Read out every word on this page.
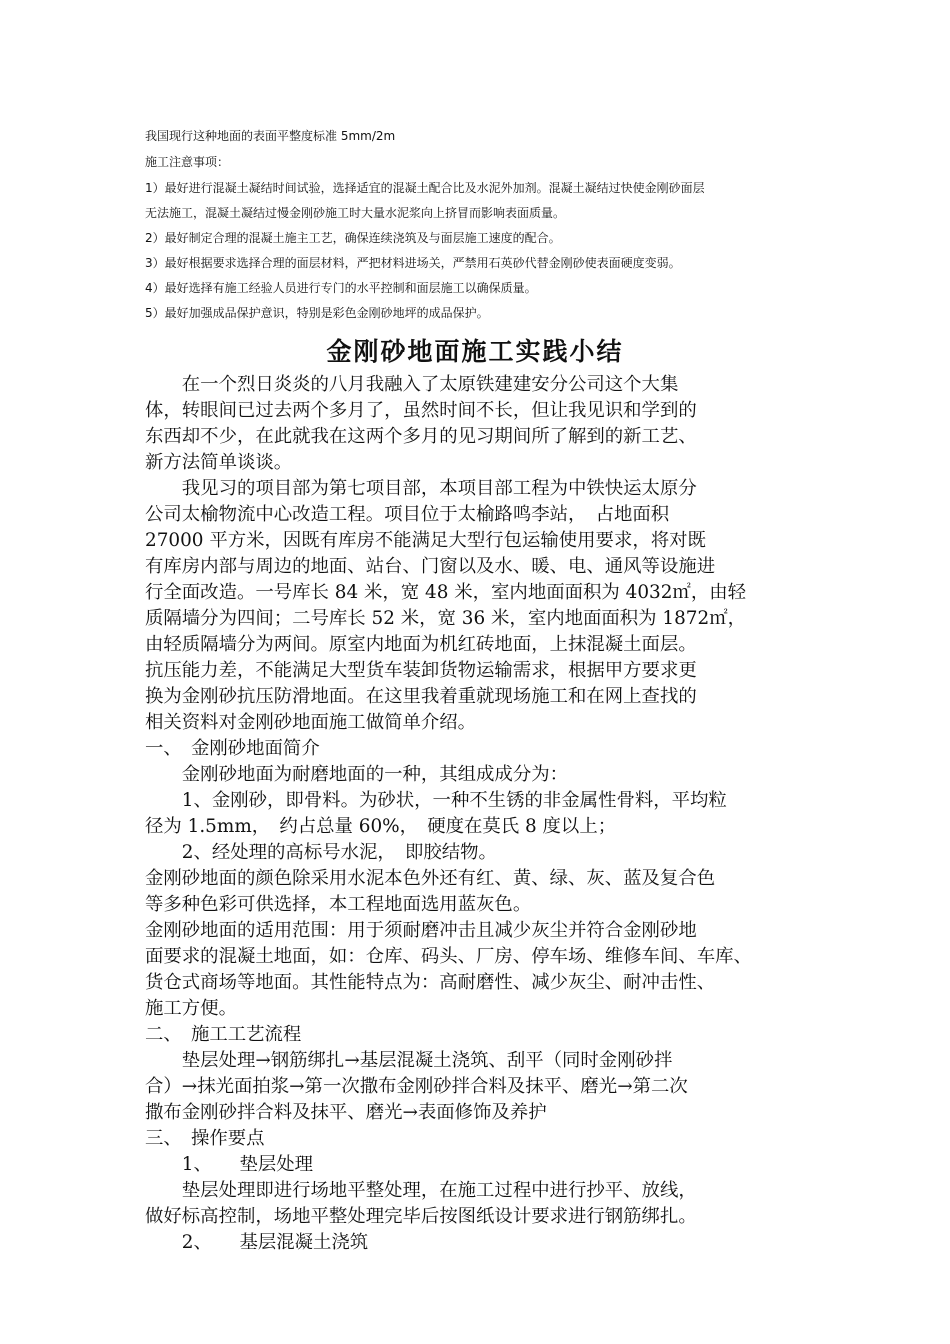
我国现行这种地面的表面平整度标准 5mm/2m
施工注意事项：
1）最好进行混凝土凝结时间试验，选择适宜的混凝土配合比及水泥外加剂。混凝土凝结过快使金刚砂面层
无法施工，混凝土凝结过慢金刚砂施工时大量水泥浆向上挤冒而影响表面质量。
2）最好制定合理的混凝土施主工艺，确保连续浇筑及与面层施工速度的配合。
3）最好根据要求选择合理的面层材料，严把材料进场关，严禁用石英砂代替金刚砂使表面硬度变弱。
4）最好选择有施工经验人员进行专门的水平控制和面层施工以确保质量。
5）最好加强成品保护意识，特别是彩色金刚砂地坪的成品保护。
金刚砂地面施工实践小结
　　在一个烈日炎炎的八月我融入了太原铁建建安分公司这个大集
体，转眼间已过去两个多月了，虽然时间不长，但让我见识和学到的
东西却不少，在此就我在这两个多月的见习期间所了解到的新工艺、
新方法简单谈谈。
　　我见习的项目部为第七项目部，本项目部工程为中铁快运太原分
公司太榆物流中心改造工程。项目位于太榆路鸣李站，　占地面积
27000 平方米，因既有库房不能满足大型行包运输使用要求，将对既
有库房内部与周边的地面、站台、门窗以及水、暖、电、通风等设施进
行全面改造。一号库长 84 米，宽 48 米，室内地面面积为 4032㎡，由轻
质隔墙分为四间；二号库长 52 米，宽 36 米，室内地面面积为 1872㎡，
由轻质隔墙分为两间。原室内地面为机红砖地面，上抹混凝土面层。
抗压能力差，不能满足大型货车装卸货物运输需求，根据甲方要求更
换为金刚砂抗压防滑地面。在这里我着重就现场施工和在网上查找的
相关资料对金刚砂地面施工做简单介绍。
一、　金刚砂地面简介
　　金刚砂地面为耐磨地面的一种，其组成成分为：
　　1、金刚砂，即骨料。为砂状，一种不生锈的非金属性骨料，平均粒
径为 1.5mm，　约占总量 60%，　硬度在莫氏 8 度以上；
　　2、经处理的高标号水泥，　即胶结物。
金刚砂地面的颜色除采用水泥本色外还有红、黄、绿、灰、蓝及复合色
等多种色彩可供选择，本工程地面选用蓝灰色。
金刚砂地面的适用范围：用于须耐磨冲击且减少灰尘并符合金刚砂地
面要求的混凝土地面，如：仓库、码头、厂房、停车场、维修车间、车库、
货仓式商场等地面。其性能特点为：高耐磨性、减少灰尘、耐冲击性、
施工方便。
二、　施工工艺流程
　　垫层处理→钢筋绑扎→基层混凝土浇筑、刮平（同时金刚砂拌
合）→抹光面拍浆→第一次撒布金刚砂拌合料及抹平、磨光→第二次
撒布金刚砂拌合料及抹平、磨光→表面修饰及养护
三、　操作要点
　　1、　　垫层处理
　　垫层处理即进行场地平整处理，在施工过程中进行抄平、放线，
做好标高控制，场地平整处理完毕后按图纸设计要求进行钢筋绑扎。
　　2、　　基层混凝土浇筑
